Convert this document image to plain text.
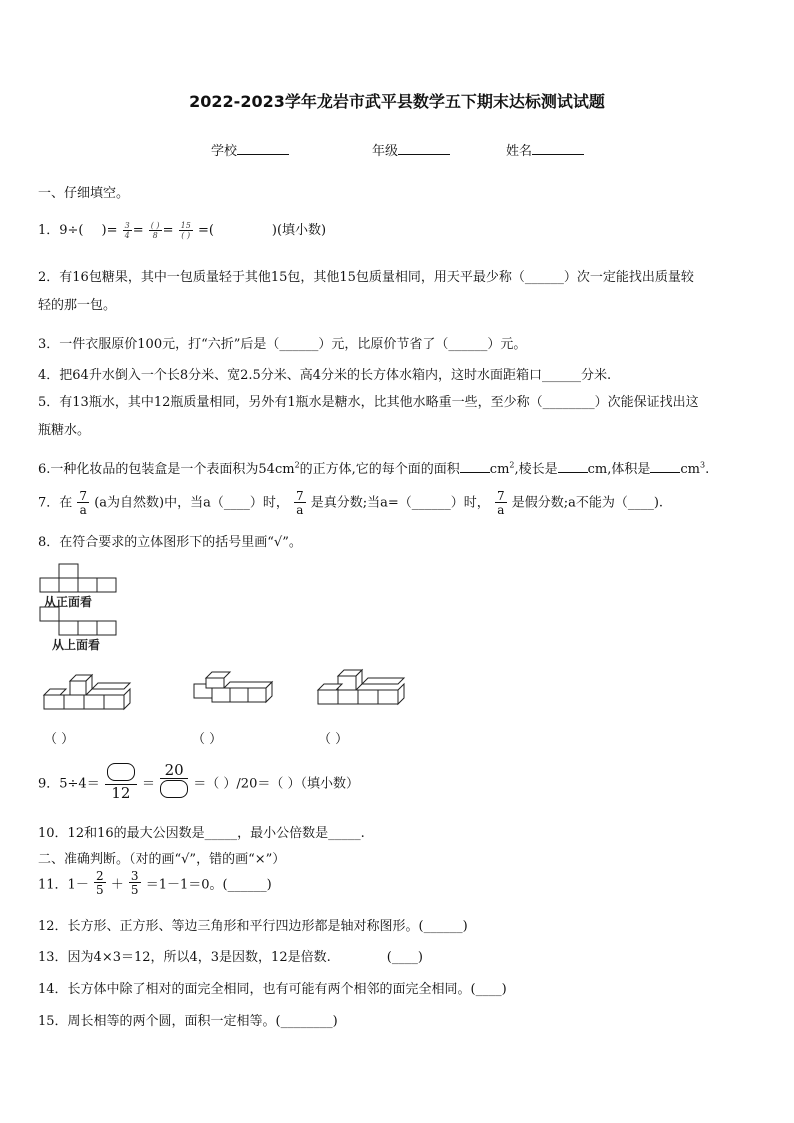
2022-2023学年龙岩市武平县数学五下期末达标测试试题
学校	年级	姓名
一、仔细填空。
1．9÷( )= $\frac{3}{4} = \frac{( )}{8} = \frac{15}{( )}$ =(	)(填小数)
2．有16包糖果，其中一包质量轻于其他15包，其他15包质量相同，用天平最少称（______）次一定能找出质量较
轻的那一包。
3．一件衣服原价100元，打“六折”后是（______）元，比原价节省了（______）元。
4．把64升水倒入一个长8分米、宽2.5分米、高4分米的长方体水箱内，这时水面距箱口______分米.
5．有13瓶水，其中12瓶质量相同，另外有1瓶水是糖水，比其他水略重一些，至少称（________）次能保证找出这
瓶糖水。
6.一种化妆品的包装盒是一个表面积为$54cm^2$的正方体,它的每个面的面积 $cm^2$,棱长是 cm,体积是 $cm^3$.
7．在 $\frac{7}{a} (a$为自然数)中，当a（____）时， $\frac{7}{a}$ 是真分数;当a=（______）时， $\frac{7}{a}$ 是假分数;a不能为（____).
8．在符合要求的立体图形下的括号里画“√”。
从正面看
从上面看
（ ）	（ ）	（ ）
9．5÷4＝ 12 ＝
20
＝（ ）/20＝（ ）（填小数）
10．12和16的最大公因数是_____，最小公倍数是_____.
二、准确判断。（对的画“√”，错的画“×”）
11．$1- \frac{2}{5} + \frac{3}{5} =1-1=0$。(______)
12．长方形、正方形、等边三角形和平行四边形都是轴对称图形。(______)
13．因为4×3＝12，所以4，3是因数，12是倍数.	(____)
14．长方体中除了相对的面完全相同，也有可能有两个相邻的面完全相同。(____)
15．周长相等的两个圆，面积一定相等。(________)
